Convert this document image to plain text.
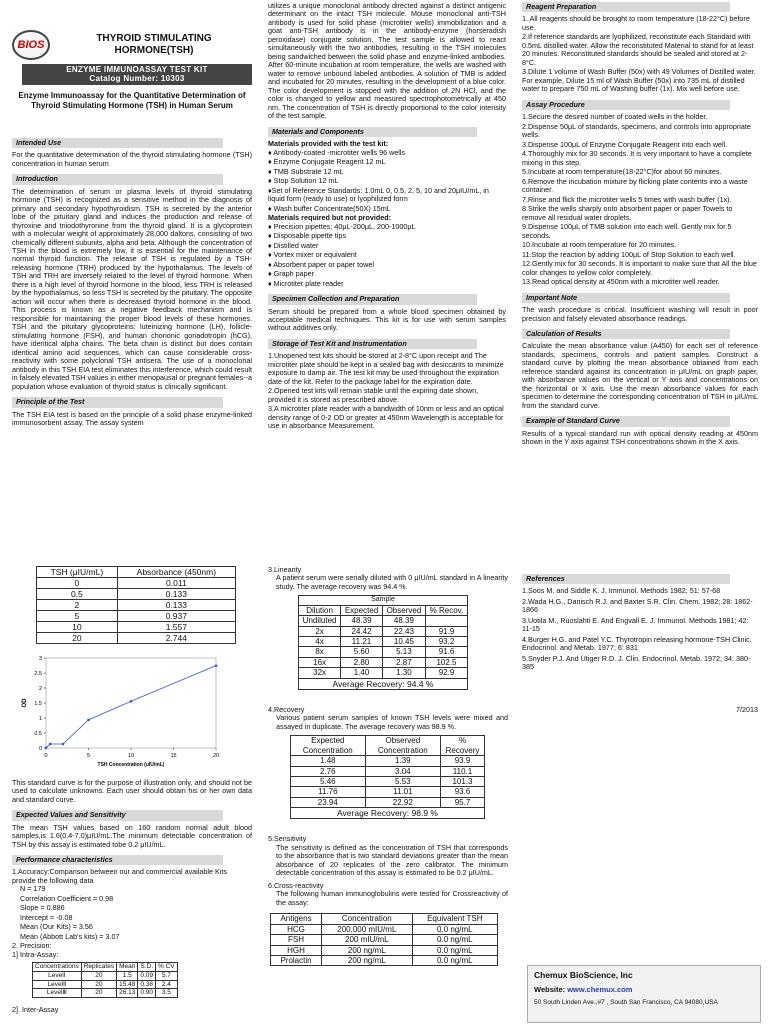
BIOS
THYROID STIMULATING
HORMONE(TSH)
ENZYME IMMUNOASSAY TEST KIT
Catalog Number: 10303
Enzyme Immunoassay for the Quantitative Determination of Thyroid Stimulating Hormone (TSH) in Human Serum
Intended Use

For the quantitative determination of the thyroid stimulating hormone (TSH) concentration in human serum

Introduction

The determination of serum or plasma levels of thyroid stimulating hormone (TSH) is recognized as a sensitive method in the diagnosis of primary and secondary hypothyroidism. TSH is secreted by the anterior lobe of the pituitary gland and induces the production and release of thyroxine and triiodothyronine from the thyroid gland. It is a glycoprotein with a molecular weight of approximately 28,000 daltons, consisting of two chemically different subunits, alpha and beta. Although the concentration of TSH in the blood is extremely low, it is essential for the maintenance of normal thyroid function. The release of TSH is regulated by a TSH-releasing hormone (TRH) produced by the hypothalamus. The levels of TSH and TRH are inversely related to the level of thyroid hormone. When there is a high level of thyroid hormone in the blood, less TRH is released by the hypothalamus, so less TSH is secreted by the pituitary. The opposite action will occur when there is decreased thyroid hormone in the blood. This process is known as a negative feedback mechanism and is responsible for maintaining the proper blood levels of these hormones. TSH and the pituitary glycoproteins: luteinizing hormone (LH), follicle-stimulating hormone (FSH), and human chorionic gonadotropin (hCG), have identical alpha chains. The beta chain is distinct but does contain identical amino acid sequences, which can cause considerable cross-reactivity with some polyclonal TSH antisera. The use of a monoclonal antibody in this TSH EIA test eliminates this interference, which could result in falsely elevated TSH values in either menopausal or pregnant females--a population whose evaluation of thyroid status is clinically significant.

Principle of the Test

The TSH EIA test is based on the principle of a solid phase enzyme-linked immunosorbent assay. The assay system

utilizes a unique monoclonal antibody directed against a distinct antigenic determinant on the intact TSH molecule. Mouse monoclonal anti-TSH antibody is used for solid phase (microtiter wells) immobilization and a goat anti-TSH antibody is in the antibody-enzyme (horseradish peroxidase) conjugate solution. The test sample is allowed to react simultaneously with the two antibodies, resulting in the TSH molecules being sandwiched between the solid phase and enzyme-linked antibodies. After 60-minute incubation at room temperature, the wells are washed with water to remove unbound labeled antibodies. A solution of TMB is added and incubated for 20 minutes, resulting in the development of a blue color. The color development is stopped with the addition of 2N HCl, and the color is changed to yellow and measured spectrophotometrically at 450 nm. The concentration of TSH is directly proportional to the color intensity of the test sample.

Materials and Components
Materials provided with the test kit:
♦ Antibody-coated -microtiter wells 96 wells
♦ Enzyme Conjugate Reagent 12 mL
♦ TMB Substrate 12 mL
♦ Stop Solution 12 mL
♦Set of Reference Standards: 1.0mL 0, 0.5, 2, 5, 10 and 20μIU/mL, in liquid form (ready to use) or lyophilized form
♦ Wash buffer Concentrate(50X) 15mL
Materials required but not provided:
♦ Precision pipettes: 40μL-200μL, 200-1000μL
♦ Disposable pipette tips
♦ Distilled water
♦ Vortex mixer or equivalent
♦ Absorbent paper or paper towel
♦ Graph paper
♦ Microtiter plate reader
Specimen Collection and Preparation

Serum should be prepared from a whole blood specimen obtained by acceptable medical techniques. This kit is for use with serum samples without additives only.

Storage of Test Kit and Instrumentation
1.Unopened test kits should be stored at 2-8°C upon receipt and The microtiter plate should be kept in a sealed bag with desiccants to minimize exposure to damp air. The test kit may be used throughout the expiration date of the kit. Refer to the package label for the expiration date.
2.Opened test kits will remain stable until the expiring date shown, provided it is stored as prescribed above.
3.A microtiter plate reader with a bandwidth of 10nm or less and an optical density range of 0-2 OD or greater at 450nm Wavelength is acceptable for use in absorbance Measurement.
Reagent Preparation
1. All reagents should be brought to room temperature (18-22°C) before use.
2.If reference standards are lyophilized, reconstitute each Standard with 0.5mL distilled water. Allow the reconstituted Material to stand for at least 20 minutes. Reconstituted standards should be sealed and stored at 2-8°C.
3.Dilute 1 volume of Wash Buffer (50x) with 49 Volumes of Distilled water. For example, Dilute 15 ml of Wash Buffer (50x) into 735 mL of distilled water to prepare 750 mL of Washing buffer (1x). Mix well before use.
Assay Procedure
1.Secure the desired number of coated wells in the holder.
2.Dispense 50μL of standards, specimens, and controls into appropriate wells.
3.Dispense 100μL of Enzyme Conjugate Reagent into each well.
4.Thoroughly mix for 30 seconds. It is very important to have a complete mixing in this step.
5.Incubate at room temperature(18-22°C)for about 60 minutes.
6.Remove the incubation mixture by flicking plate contents into a waste container.
7.Rinse and flick the microtiter wells 5 times with wash buffer (1x).
8.Strike the wells sharply onto absorbent paper or paper Towels to remove all residual water droplets.
9.Dispense 100μL of TMB solution into each well. Gently mix for 5 seconds.
10.Incubate at room temperature for 20 minutes.
11.Stop the reaction by adding 100μL of Stop Solution to each well.
12.Gently mix for 30 seconds. It is important to make sure that All the blue color changes to yellow color completely.
13.Read optical density at 450nm with a microtiter well reader.
Important Note

The wash procedure is critical. Insufficient washing will result in poor precision and falsely elevated absorbance readings.

Calculation of Results

Calculate the mean absorbance value (A450) for each set of reference standards, specimens, controls and patient samples. Construct a standard curve by plotting the mean absorbance obtained from each reference standard against its concentration in μIU/mL on graph paper, with absorbance values on the vertical or Y axis and concentrations on the horizontal or X axis. Use the mean absorbance values for each specimen to determine the corresponding concentration of TSH in μIU/mL from the standard curve.

Example of Standard Curve

Results of a typical standard run with optical density reading at 450nm shown in the Y axis against TSH concentrations shown in the X axis.

TSH (μIU/mL)	Absorbance (450nm)
0	0.011
0.5	0.133
2	0.133
5	0.937
10	1.557
20	2.744
0
0.5
1
1.5
2
2.5
3
0	5	10	15	20
TSH Concentration (uIU/mL)
OD

This standard curve is for the purpose of illustration only, and should not be used to calculate unknowns. Each user should obtain his or her own data and standard curve.

Expected Values and Sensitivity

The mean TSH values based on 160 random normal adult blood samples,is 1.6(0.4-7.0)μIU/mL.The minimum detectable concentration of TSH by this assay is estimated tobe 0.2 μIU/mL.

Performance characteristics
1.Accuracy:Comparison between our and commercial available Kits provide the following data
N = 179
Correlation Coefficient = 0.98
Slope = 0.886
Intercept = -0.08
Mean (Our Kits) = 3.56
Mean (Abbott Lab's kits) = 3.07
2. Precision:
1] Intra-Assay:
Concentrations	Replicates	Mean	S.D.	% CV
LevelⅠ	20	1.5	0.09	5.7
LevelⅡ	20	15.48	0.38	2.4
LevelⅢ	20	26.13	0.90	3.5
2]. Inter-Assay
3.Linearity

A patient serum were serially diluted with 0 μIU/mL standard in A linearity study. The average recovery was 94.4 %.

Sample			
Dilution	Expected	Observed	% Recov.
Undiluted	48.39	48.39	
2x	24.42	22.43	91.9
4x	11.21	10.45	93.2
8x	5.60	5.13	91.6
16x	2.80	2.87	102.5
32x	1.40	1.30	92.9
Average Recovery: 94.4 %			
4.Recovery

Various patient serum samples of known TSH levels were mixed and assayed in duplicate. The average recovery was 98.9 %.

Expected Concentration	Observed Concentration	% Recovery
1.48	1.39	93.9
2.76	3.04	110.1
5.46	5.53	101.3
11.76	11.01	93.6
23.94	22.92	95.7
Average Recovery: 98.9 %		
5.Sensitivity

The sensitivity is defined as the concentration of TSH that corresponds to the absorbance that is two standard deviations greater than the mean absorbance of 20 replicates of the zero calibrator. The minimum detectable concentration of this assay is estimated to be 0.2 μIU/mL.

6.Cross-reactivity

The following human immunoglobulins were tested for Crossreactivity of the assay:

Antigens	Concentration	Equivalent TSH
HCG	200,000 mIU/mL	0.0 ng/mL
FSH	200 mIU/mL	0.0 ng/mL
HGH	200 ng/mL	0.0 ng/mL
Prolactin	200 ng/mL	0.0 ng/mL
References
1.Soos M. and Siddle K. J. Immunol. Methods 1982; 51: 57-68
2.Wada H.G., Danisch R.J. and Baxter S.R. Clin. Chem. 1982; 28: 1862-1866
3.Uotila M., Ruoslahti E. And Engvall E. J. Immunol. Methods 1981; 42: 11-15
4.Burger H.G. and Patel Y.C. Thyrotropin releasing hormone-TSH Clinic. Endocrinol. and Metab. 1977; 6: 831
5.Snyder P.J. And Utiger R.D. J. Clin. Endocrinol. Metab. 1972; 34: 380-385
7/2013
Chemux BioScience, Inc
Website: www.chemux.com
50 South Linden Ave.,#7 , South San Francisco, CA 94080,USA
